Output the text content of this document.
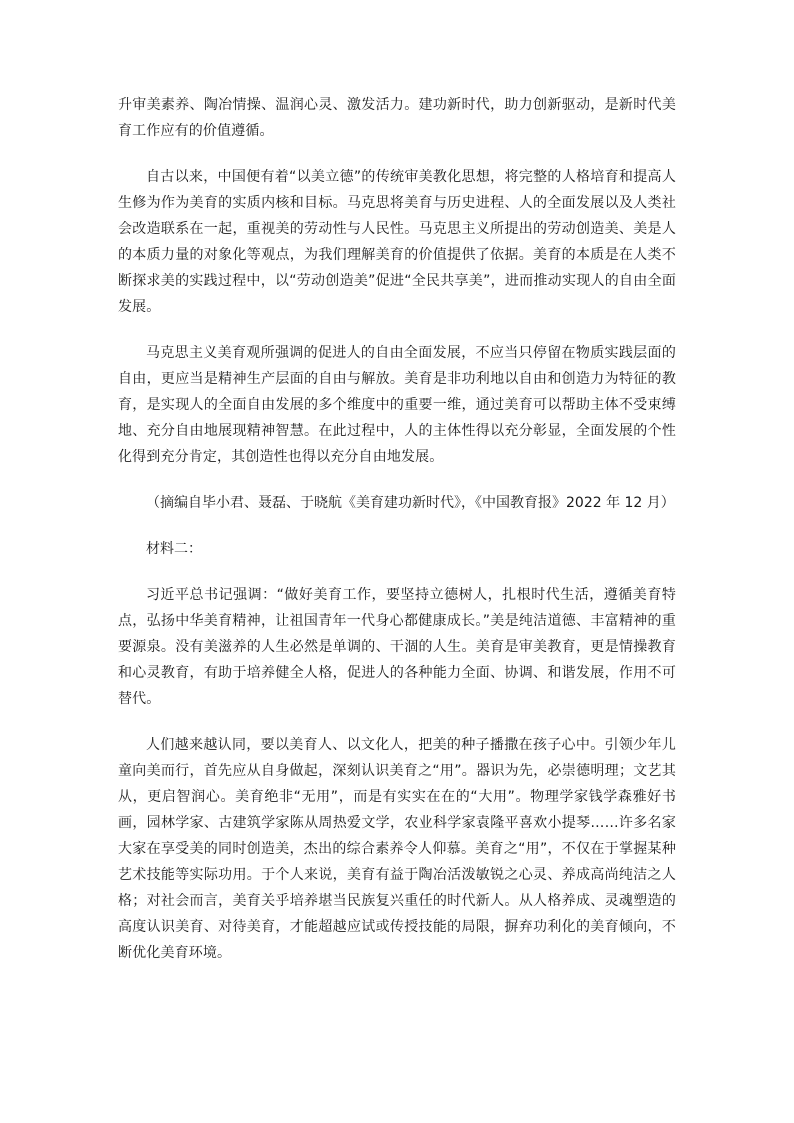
升审美素养、陶冶情操、温润心灵、激发活力。建功新时代，助力创新驱动，是新时代美育工作应有的价值遵循。

自古以来，中国便有着“以美立德”的传统审美教化思想，将完整的人格培育和提高人生修为作为美育的实质内核和目标。马克思将美育与历史进程、人的全面发展以及人类社会改造联系在一起，重视美的劳动性与人民性。马克思主义所提出的劳动创造美、美是人的本质力量的对象化等观点，为我们理解美育的价值提供了依据。美育的本质是在人类不断探求美的实践过程中，以“劳动创造美”促进“全民共享美”，进而推动实现人的自由全面发展。

马克思主义美育观所强调的促进人的自由全面发展，不应当只停留在物质实践层面的自由，更应当是精神生产层面的自由与解放。美育是非功利地以自由和创造力为特征的教育，是实现人的全面自由发展的多个维度中的重要一维，通过美育可以帮助主体不受束缚地、充分自由地展现精神智慧。在此过程中，人的主体性得以充分彰显，全面发展的个性化得到充分肯定，其创造性也得以充分自由地发展。

（摘编自毕小君、聂磊、于晓航《美育建功新时代》，《中国教育报》2022 年 12 月）

材料二：

习近平总书记强调：“做好美育工作，要坚持立德树人，扎根时代生活，遵循美育特点，弘扬中华美育精神，让祖国青年一代身心都健康成长。”美是纯洁道德、丰富精神的重要源泉。没有美滋养的人生必然是单调的、干涸的人生。美育是审美教育，更是情操教育和心灵教育，有助于培养健全人格，促进人的各种能力全面、协调、和谐发展，作用不可替代。

人们越来越认同，要以美育人、以文化人，把美的种子播撒在孩子心中。引领少年儿童向美而行，首先应从自身做起，深刻认识美育之“用”。器识为先，必崇德明理；文艺其从，更启智润心。美育绝非“无用”，而是有实实在在的“大用”。物理学家钱学森雅好书画，园林学家、古建筑学家陈从周热爱文学，农业科学家袁隆平喜欢小提琴……许多名家大家在享受美的同时创造美，杰出的综合素养令人仰慕。美育之“用”，不仅在于掌握某种艺术技能等实际功用。于个人来说，美育有益于陶冶活泼敏锐之心灵、养成高尚纯洁之人格；对社会而言，美育关乎培养堪当民族复兴重任的时代新人。从人格养成、灵魂塑造的高度认识美育、对待美育，才能超越应试或传授技能的局限，摒弃功利化的美育倾向，不断优化美育环境。
